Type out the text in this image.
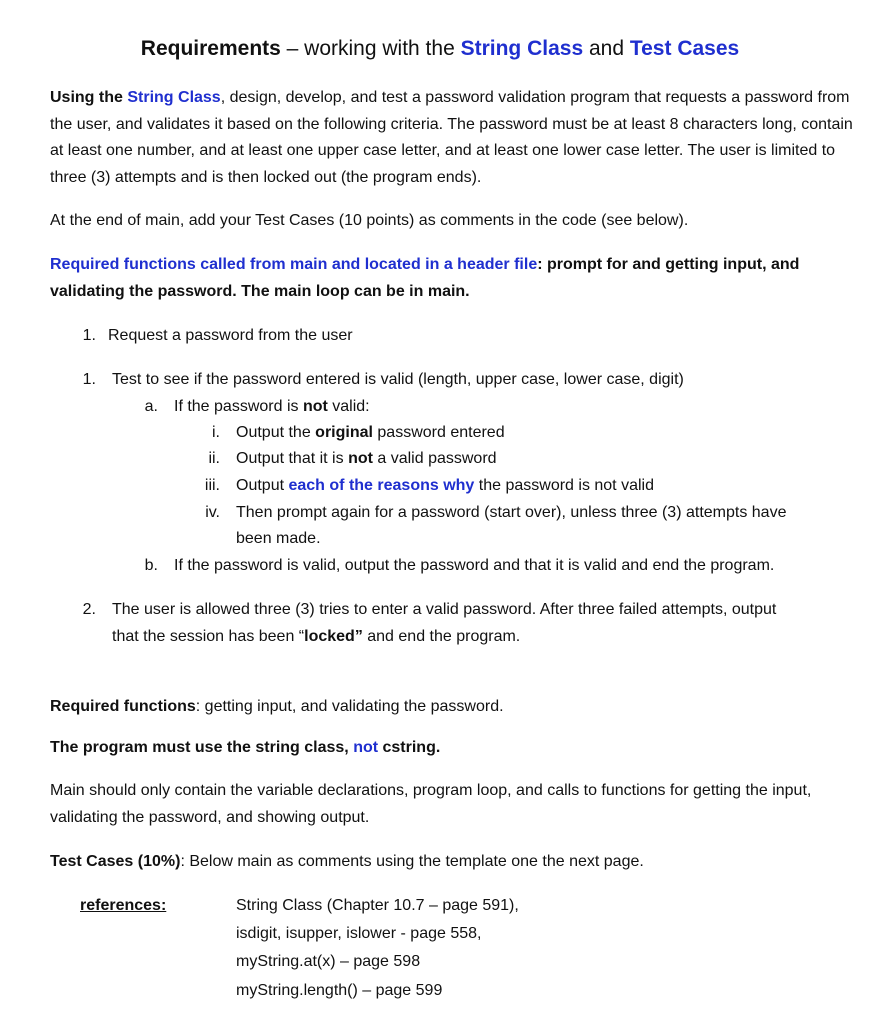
Requirements – working with the String Class and Test Cases
Using the String Class, design, develop, and test a password validation program that requests a password from the user, and validates it based on the following criteria. The password must be at least 8 characters long, contain at least one number, and at least one upper case letter, and at least one lower case letter. The user is limited to three (3) attempts and is then locked out (the program ends).
At the end of main, add your Test Cases (10 points) as comments in the code (see below).
Required functions called from main and located in a header file: prompt for and getting input, and validating the password. The main loop can be in main.
1. Request a password from the user
1. Test to see if the password entered is valid (length, upper case, lower case, digit)
a. If the password is not valid:
i. Output the original password entered
ii. Output that it is not a valid password
iii. Output each of the reasons why the password is not valid
iv. Then prompt again for a password (start over), unless three (3) attempts have
been made.
b. If the password is valid, output the password and that it is valid and end the program.
2. The user is allowed three (3) tries to enter a valid password. After three failed attempts, output
that the session has been “locked” and end the program.
Required functions: getting input, and validating the password.
The program must use the string class, not cstring.
Main should only contain the variable declarations, program loop, and calls to functions for getting the input, validating the password, and showing output.
Test Cases (10%): Below main as comments using the template one the next page.
references:	String Class (Chapter 10.7 – page 591),
isdigit, isupper, islower - page 558,
myString.at(x) – page 598
myString.length() – page 599
